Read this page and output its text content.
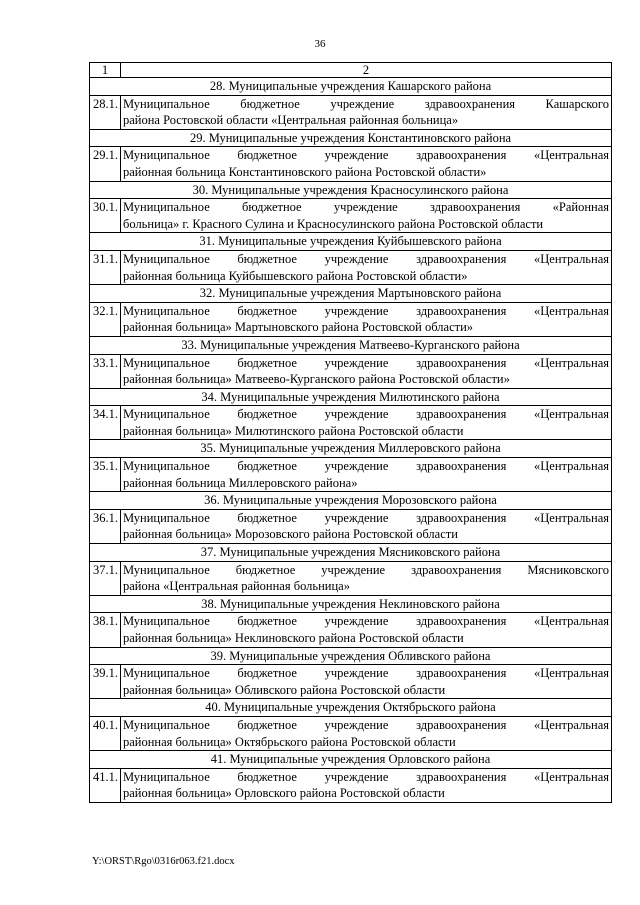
36
1	2
28. Муниципальные учреждения Кашарского района	
28.1.	Муниципальное бюджетное учреждение здравоохранения Кашарского
района Ростовской области «Центральная районная больница»

29. Муниципальные учреждения Константиновского района	
29.1.	Муниципальное бюджетное учреждение здравоохранения «Центральная
районная больница Константиновского района Ростовской области»

30. Муниципальные учреждения Красносулинского района	
30.1.	Муниципальное бюджетное учреждение здравоохранения «Районная
больница» г. Красного Сулина и Красносулинского района Ростовской области

31. Муниципальные учреждения Куйбышевского района	
31.1.	Муниципальное бюджетное учреждение здравоохранения «Центральная
районная больница Куйбышевского района Ростовской области»

32. Муниципальные учреждения Мартыновского района	
32.1.	Муниципальное бюджетное учреждение здравоохранения «Центральная
районная больница» Мартыновского района Ростовской области»

33. Муниципальные учреждения Матвеево-Курганского района	
33.1.	Муниципальное бюджетное учреждение здравоохранения «Центральная
районная больница» Матвеево-Курганского района Ростовской области»

34. Муниципальные учреждения Милютинского района	
34.1.	Муниципальное бюджетное учреждение здравоохранения «Центральная
районная больница» Милютинского района Ростовской области

35. Муниципальные учреждения Миллеровского района	
35.1.	Муниципальное бюджетное учреждение здравоохранения «Центральная
районная больница Миллеровского района»

36. Муниципальные учреждения Морозовского района	
36.1.	Муниципальное бюджетное учреждение здравоохранения «Центральная
районная больница» Морозовского района Ростовской области

37. Муниципальные учреждения Мясниковского района	
37.1.	Муниципальное бюджетное учреждение здравоохранения Мясниковского
района «Центральная районная больница»

38. Муниципальные учреждения Неклиновского района	
38.1.	Муниципальное бюджетное учреждение здравоохранения «Центральная
районная больница» Неклиновского района Ростовской области

39. Муниципальные учреждения Обливского района	
39.1.	Муниципальное бюджетное учреждение здравоохранения «Центральная
районная больница» Обливского района Ростовской области

40. Муниципальные учреждения Октябрьского района	
40.1.	Муниципальное бюджетное учреждение здравоохранения «Центральная
районная больница» Октябрьского района Ростовской области

41. Муниципальные учреждения Орловского района	
41.1.	Муниципальное бюджетное учреждение здравоохранения «Центральная
районная больница» Орловского района Ростовской области
Y:\ORST\Rgo\0316r063.f21.docx
